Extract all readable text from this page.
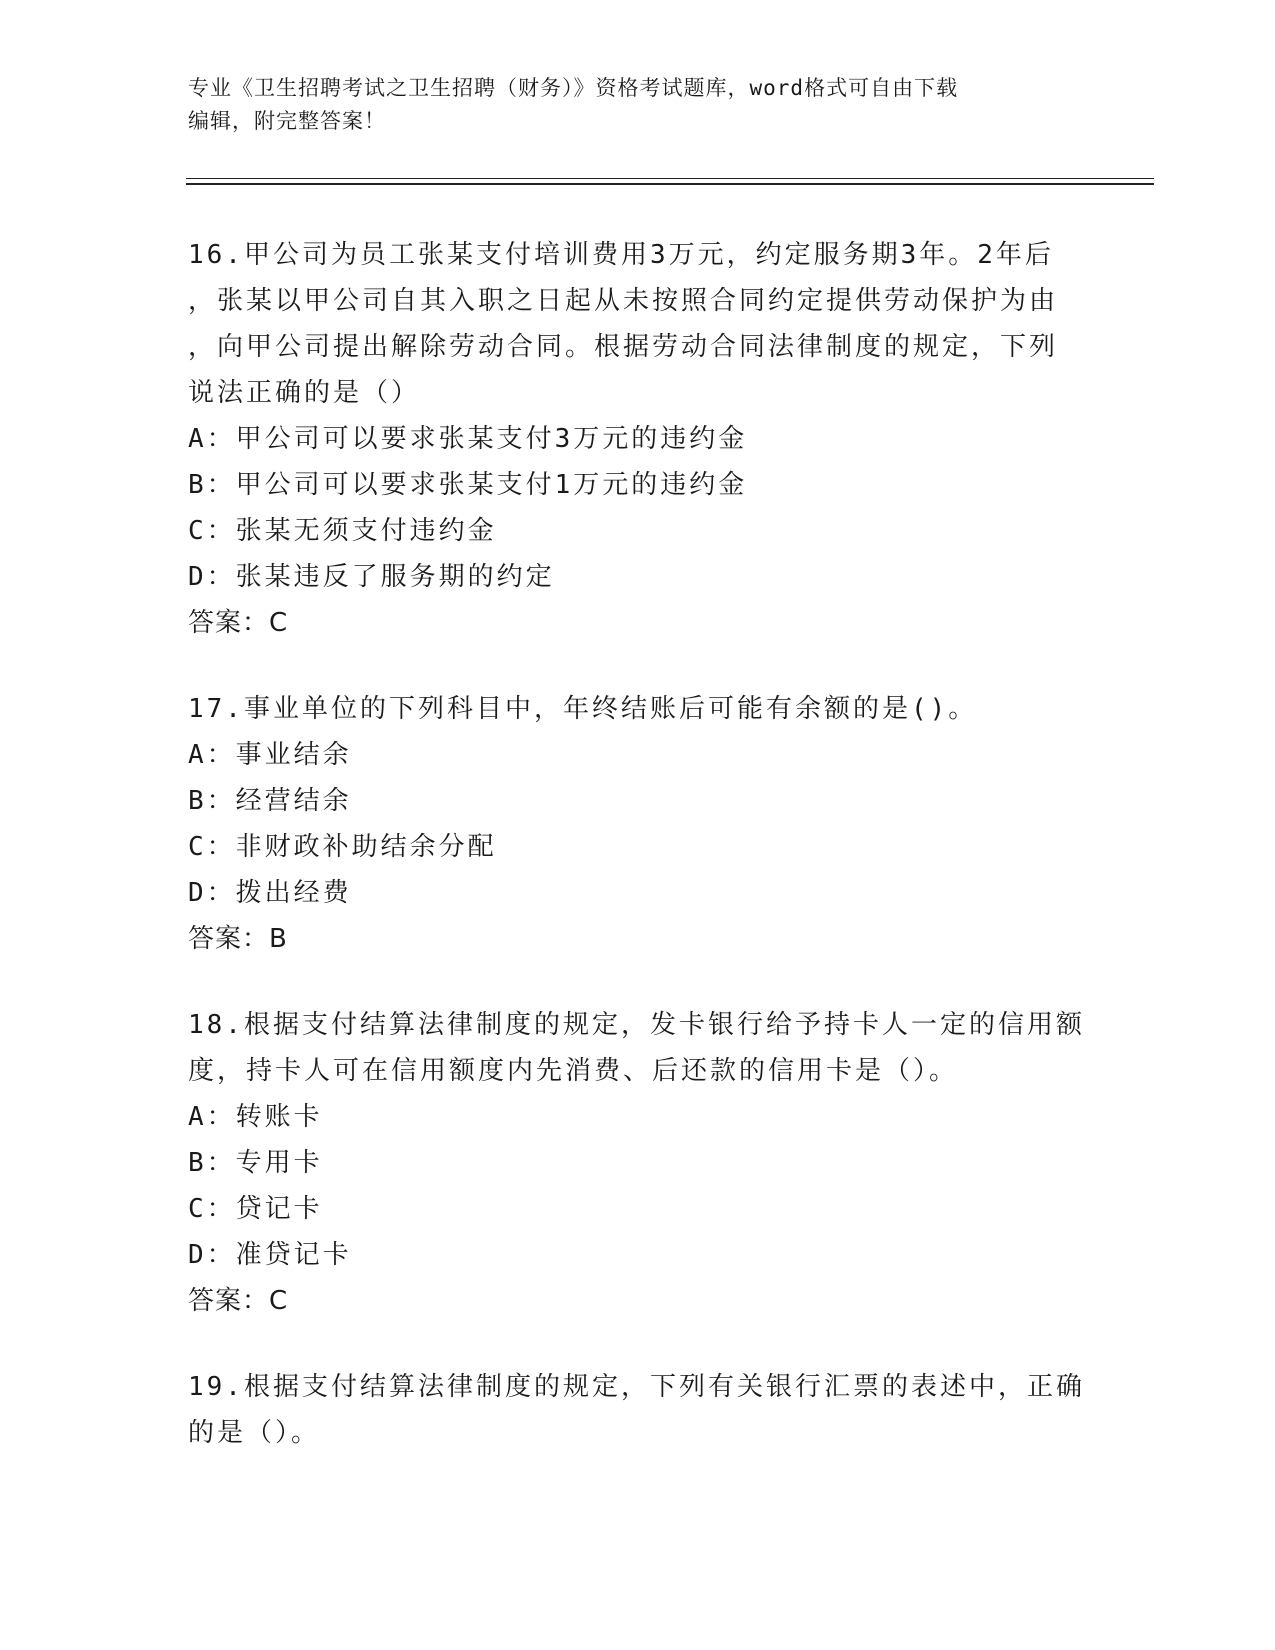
专业《卫生招聘考试之卫生招聘（财务）》资格考试题库，word格式可自由下载
编辑，附完整答案！
16.甲公司为员工张某支付培训费用3万元，约定服务期3年。2年后
，张某以甲公司自其入职之日起从未按照合同约定提供劳动保护为由
，向甲公司提出解除劳动合同。根据劳动合同法律制度的规定，下列
说法正确的是（）
A：甲公司可以要求张某支付3万元的违约金
B：甲公司可以要求张某支付1万元的违约金
C：张某无须支付违约金
D：张某违反了服务期的约定
答案：C
17.事业单位的下列科目中，年终结账后可能有余额的是()。
A：事业结余
B：经营结余
C：非财政补助结余分配
D：拨出经费
答案：B
18.根据支付结算法律制度的规定，发卡银行给予持卡人一定的信用额
度，持卡人可在信用额度内先消费、后还款的信用卡是（）。
A：转账卡
B：专用卡
C：贷记卡
D：准贷记卡
答案：C
19.根据支付结算法律制度的规定，下列有关银行汇票的表述中，正确
的是（）。
